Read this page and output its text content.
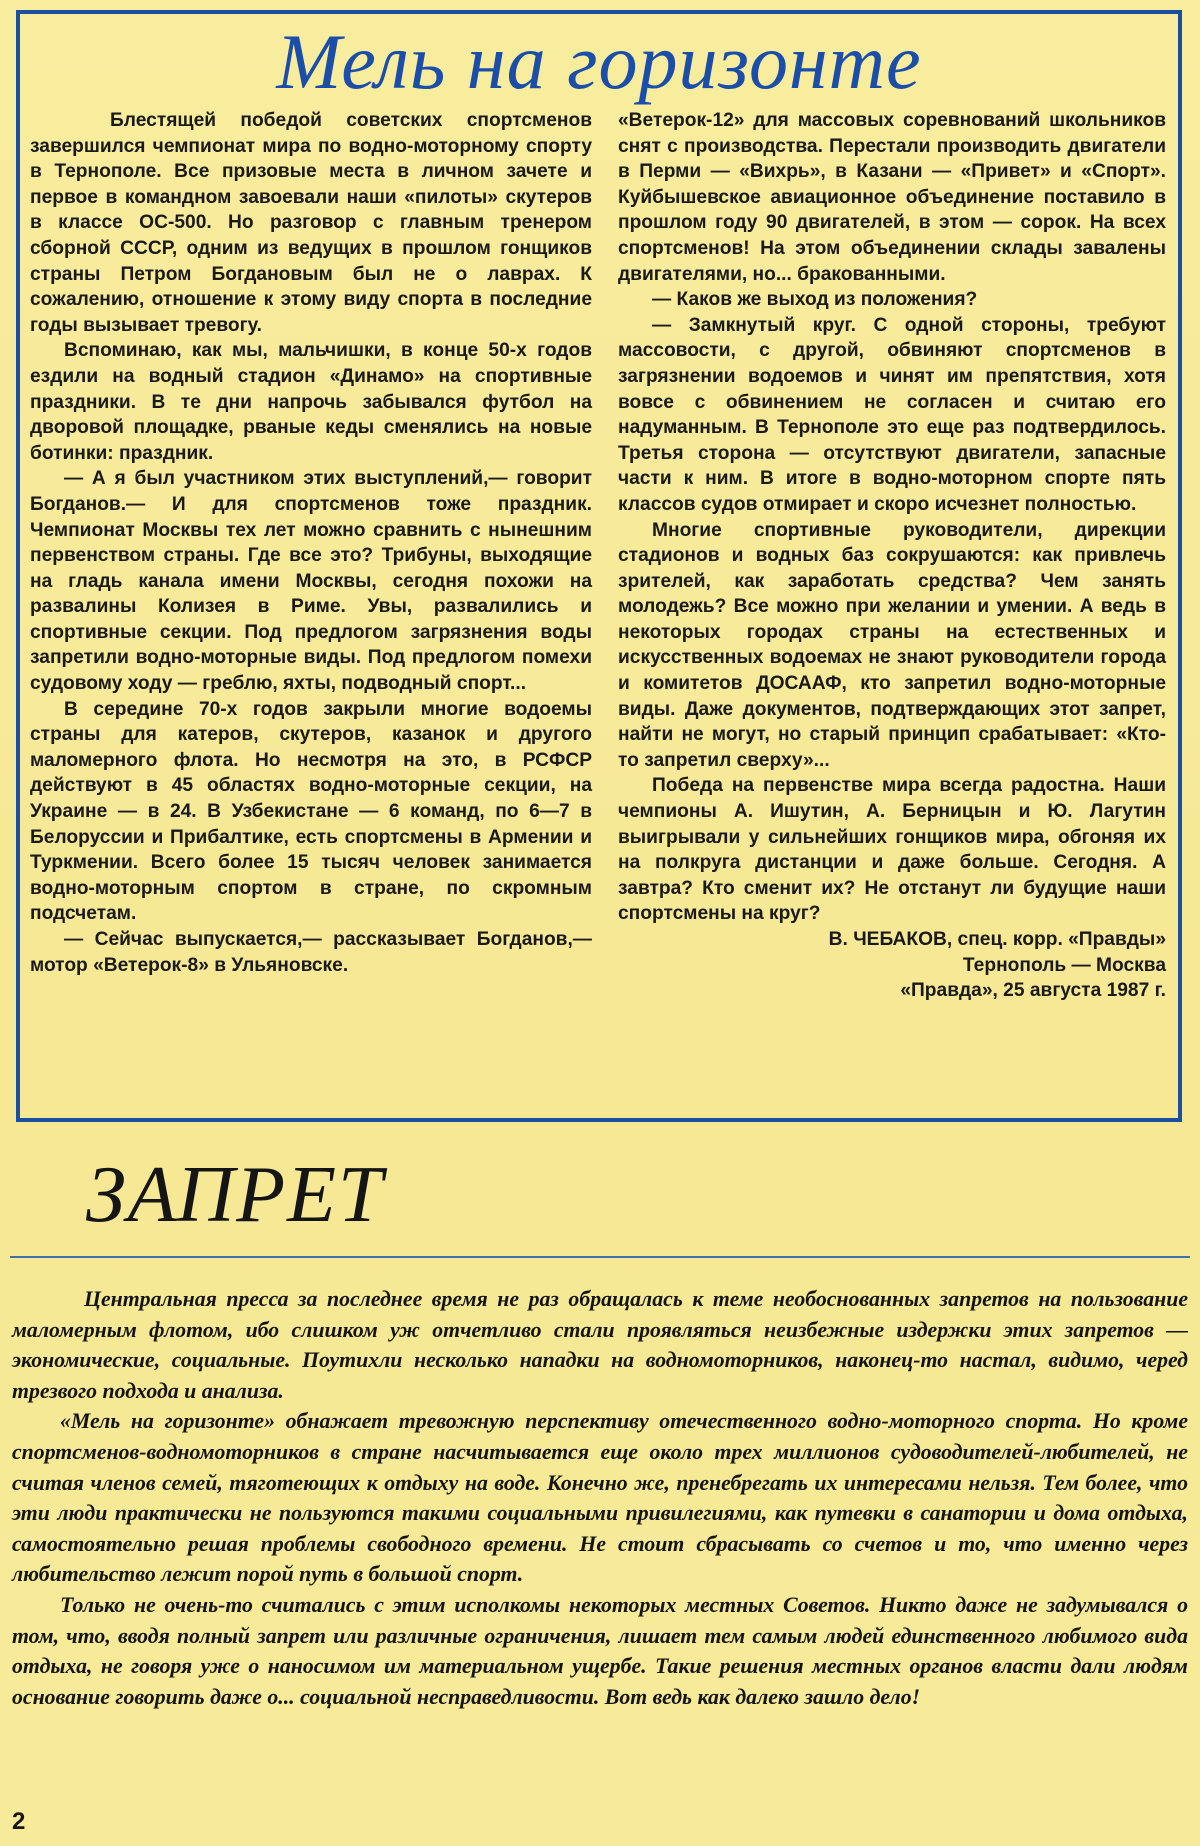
Мель на горизонте

Блестящей победой советских спортсменов завершился чемпионат мира по водно-моторному спорту в Тернополе. Все призовые места в личном зачете и первое в командном завоевали наши «пилоты» скутеров в классе ОС-500. Но разговор с главным тренером сборной СССР, одним из ведущих в прошлом гонщиков страны Петром Богдановым был не о лаврах. К сожалению, отношение к этому виду спорта в последние годы вызывает тревогу.

Вспоминаю, как мы, мальчишки, в конце 50-х годов ездили на водный стадион «Динамо» на спортивные праздники. В те дни напрочь забывался футбол на дворовой площадке, рваные кеды сменялись на новые ботинки: праздник.

— А я был участником этих выступлений,— говорит Богданов.— И для спортсменов тоже праздник. Чемпионат Москвы тех лет можно сравнить с нынешним первенством страны. Где все это? Трибуны, выходящие на гладь канала имени Москвы, сегодня похожи на развалины Колизея в Риме. Увы, развалились и спортивные секции. Под предлогом загрязнения воды запретили водно-моторные виды. Под предлогом помехи судовому ходу — греблю, яхты, подводный спорт...

В середине 70-х годов закрыли многие водоемы страны для катеров, скутеров, казанок и другого маломерного флота. Но несмотря на это, в РСФСР действуют в 45 областях водно-моторные секции, на Украине — в 24. В Узбекистане — 6 команд, по 6—7 в Белоруссии и Прибалтике, есть спортсмены в Армении и Туркмении. Всего более 15 тысяч человек занимается водно-моторным спортом в стране, по скромным подсчетам.

— Сейчас выпускается,— рассказывает Богданов,— мотор «Ветерок-8» в Ульяновске.

«Ветерок-12» для массовых соревнований школьников снят с производства. Перестали производить двигатели в Перми — «Вихрь», в Казани — «Привет» и «Спорт». Куйбышевское авиационное объединение поставило в прошлом году 90 двигателей, в этом — сорок. На всех спортсменов! На этом объединении склады завалены двигателями, но... бракованными.

— Каков же выход из положения?

— Замкнутый круг. С одной стороны, требуют массовости, с другой, обвиняют спортсменов в загрязнении водоемов и чинят им препятствия, хотя вовсе с обвинением не согласен и считаю его надуманным. В Тернополе это еще раз подтвердилось. Третья сторона — отсутствуют двигатели, запасные части к ним. В итоге в водно-моторном спорте пять классов судов отмирает и скоро исчезнет полностью.

Многие спортивные руководители, дирекции стадионов и водных баз сокрушаются: как привлечь зрителей, как заработать средства? Чем занять молодежь? Все можно при желании и умении. А ведь в некоторых городах страны на естественных и искусственных водоемах не знают руководители города и комитетов ДОСААФ, кто запретил водно-моторные виды. Даже документов, подтверждающих этот запрет, найти не могут, но старый принцип срабатывает: «Кто-то запретил сверху»...

Победа на первенстве мира всегда радостна. Наши чемпионы А. Ишутин, А. Берницын и Ю. Лагутин выигрывали у сильнейших гонщиков мира, обгоняя их на полкруга дистанции и даже больше. Сегодня. А завтра? Кто сменит их? Не отстанут ли будущие наши спортсмены на круг?

В. ЧЕБАКОВ, спец. корр. «Правды»

Тернополь — Москва

«Правда», 25 августа 1987 г.

ЗАПРЕТ

Центральная пресса за последнее время не раз обращалась к теме необоснованных запретов на пользование маломерным флотом, ибо слишком уж отчетливо стали проявляться неизбежные издержки этих запретов — экономические, социальные. Поутихли несколько нападки на водномоторников, наконец-то настал, видимо, черед трезвого подхода и анализа.

«Мель на горизонте» обнажает тревожную перспективу отечественного водно-моторного спорта. Но кроме спортсменов-водномоторников в стране насчитывается еще около трех миллионов судоводителей-любителей, не считая членов семей, тяготеющих к отдыху на воде. Конечно же, пренебрегать их интересами нельзя. Тем более, что эти люди практически не пользуются такими социальными привилегиями, как путевки в санатории и дома отдыха, самостоятельно решая проблемы свободного времени. Не стоит сбрасывать со счетов и то, что именно через любительство лежит порой путь в большой спорт.

Только не очень-то считались с этим исполкомы некоторых местных Советов. Никто даже не задумывался о том, что, вводя полный запрет или различные ограничения, лишает тем самым людей единственного любимого вида отдыха, не говоря уже о наносимом им материальном ущербе. Такие решения местных органов власти дали людям основание говорить даже о... социальной несправедливости. Вот ведь как далеко зашло дело!

2
